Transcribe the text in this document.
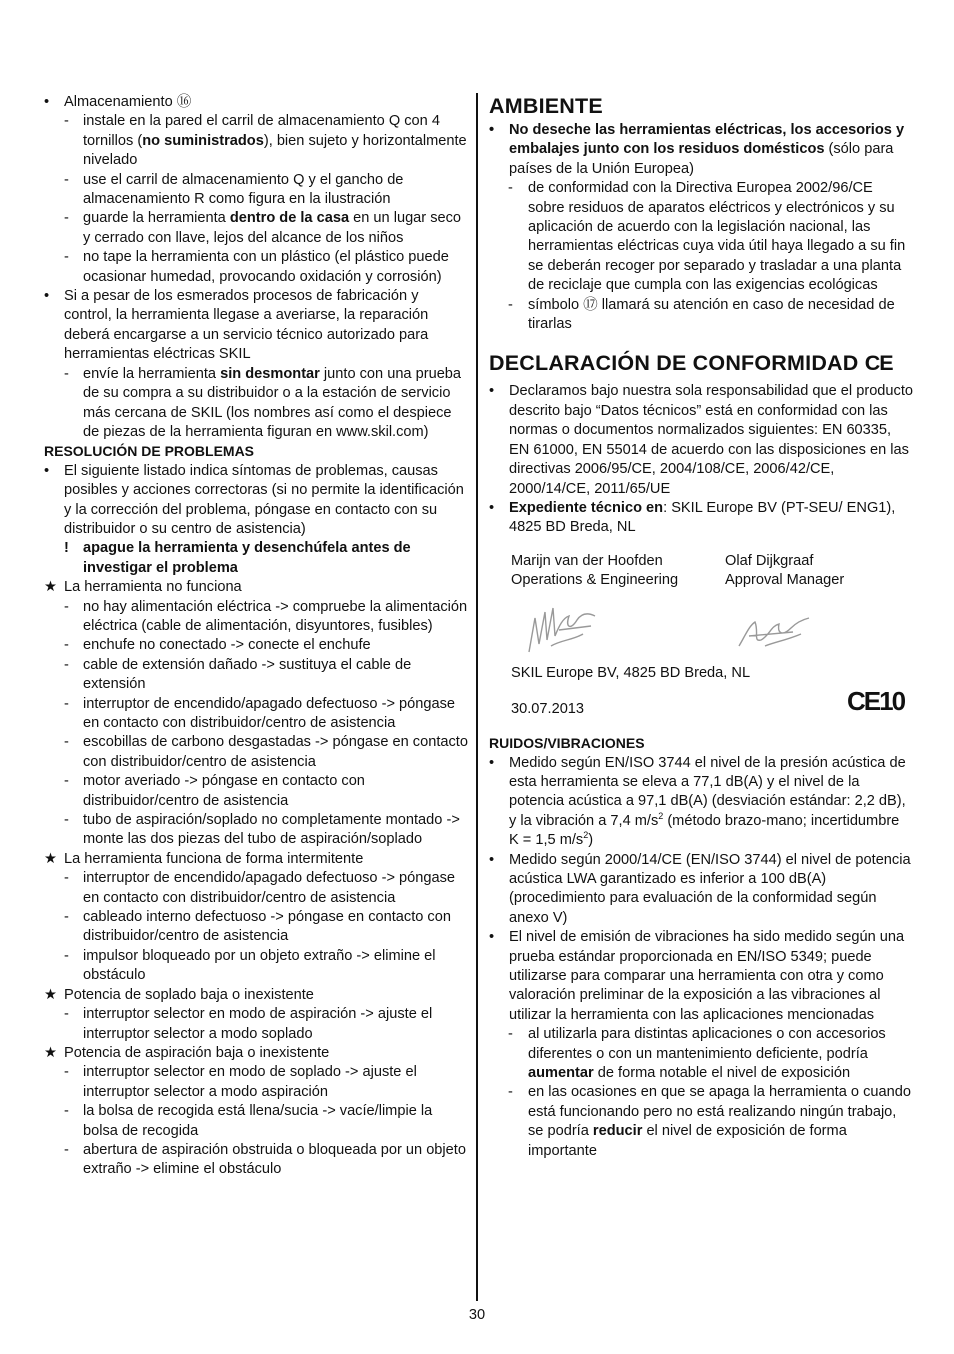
• Almacenamiento ⑯
- instale en la pared el carril de almacenamiento Q con 4 tornillos (no suministrados), bien sujeto y horizontalmente nivelado
- use el carril de almacenamiento Q y el gancho de almacenamiento R como figura en la ilustración
- guarde la herramienta dentro de la casa en un lugar seco y cerrado con llave, lejos del alcance de los niños
- no tape la herramienta con un plástico (el plástico puede ocasionar humedad, provocando oxidación y corrosión)
• Si a pesar de los esmerados procesos de fabricación y control, la herramienta llegase a averiarse, la reparación deberá encargarse a un servicio técnico autorizado para herramientas eléctricas SKIL
- envíe la herramienta sin desmontar junto con una prueba de su compra a su distribuidor o a la estación de servicio más cercana de SKIL (los nombres así como el despiece de piezas de la herramienta figuran en www.skil.com)
RESOLUCIÓN DE PROBLEMAS
• El siguiente listado indica síntomas de problemas, causas posibles y acciones correctoras (si no permite la identificación y la corrección del problema, póngase en contacto con su distribuidor o su centro de asistencia)
! apague la herramienta y desenchúfela antes de investigar el problema
★ La herramienta no funciona
- no hay alimentación eléctrica -> compruebe la alimentación eléctrica (cable de alimentación, disyuntores, fusibles)
- enchufe no conectado -> conecte el enchufe
- cable de extensión dañado -> sustituya el cable de extensión
- interruptor de encendido/apagado defectuoso -> póngase en contacto con distribuidor/centro de asistencia
- escobillas de carbono desgastadas -> póngase en contacto con distribuidor/centro de asistencia
- motor averiado -> póngase en contacto con distribuidor/centro de asistencia
- tubo de aspiración/soplado no completamente montado -> monte las dos piezas del tubo de aspiración/soplado
★ La herramienta funciona de forma intermitente
- interruptor de encendido/apagado defectuoso -> póngase en contacto con distribuidor/centro de asistencia
- cableado interno defectuoso -> póngase en contacto con distribuidor/centro de asistencia
- impulsor bloqueado por un objeto extraño -> elimine el obstáculo
★ Potencia de soplado baja o inexistente
- interruptor selector en modo de aspiración -> ajuste el interruptor selector a modo soplado
★ Potencia de aspiración baja o inexistente
- interruptor selector en modo de soplado -> ajuste el interruptor selector a modo aspiración
- la bolsa de recogida está llena/sucia -> vacíe/limpie la bolsa de recogida
- abertura de aspiración obstruida o bloqueada por un objeto extraño -> elimine el obstáculo
AMBIENTE
• No deseche las herramientas eléctricas, los accesorios y embalajes junto con los residuos domésticos (sólo para países de la Unión Europea)
- de conformidad con la Directiva Europea 2002/96/CE sobre residuos de aparatos eléctricos y electrónicos y su aplicación de acuerdo con la legislación nacional, las herramientas eléctricas cuya vida útil haya llegado a su fin se deberán recoger por separado y trasladar a una planta de reciclaje que cumpla con las exigencias ecológicas
- símbolo ⑰ llamará su atención en caso de necesidad de tirarlas
DECLARACIÓN DE CONFORMIDAD CE
• Declaramos bajo nuestra sola responsabilidad que el producto descrito bajo “Datos técnicos” está en conformidad con las normas o documentos normalizados siguientes: EN 60335, EN 61000, EN 55014 de acuerdo con las disposiciones en las directivas 2006/95/CE, 2004/108/CE, 2006/42/CE, 2000/14/CE, 2011/65/UE
• Expediente técnico en: SKIL Europe BV (PT-SEU/ ENG1), 4825 BD Breda, NL
Marijn van der Hoofden
Operations & Engineering
Olaf Dijkgraaf
Approval Manager
SKIL Europe BV, 4825 BD Breda, NL
30.07.2013	CE10
RUIDOS/VIBRACIONES
• Medido según EN/ISO 3744 el nivel de la presión acústica de esta herramienta se eleva a 77,1 dB(A) y el nivel de la potencia acústica a 97,1 dB(A) (desviación estándar: 2,2 dB), y la vibración a 7,4 $m/s^2$ (método brazo-mano; incertidumbre K = 1,5 $m/s^2$)
• Medido según 2000/14/CE (EN/ISO 3744) el nivel de potencia acústica LWA garantizado es inferior a 100 dB(A) (procedimiento para evaluación de la conformidad según anexo V)
• El nivel de emisión de vibraciones ha sido medido según una prueba estándar proporcionada en EN/ISO 5349; puede utilizarse para comparar una herramienta con otra y como valoración preliminar de la exposición a las vibraciones al utilizar la herramienta con las aplicaciones mencionadas
- al utilizarla para distintas aplicaciones o con accesorios diferentes o con un mantenimiento deficiente, podría aumentar de forma notable el nivel de exposición
- en las ocasiones en que se apaga la herramienta o cuando está funcionando pero no está realizando ningún trabajo, se podría reducir el nivel de exposición de forma importante
30
